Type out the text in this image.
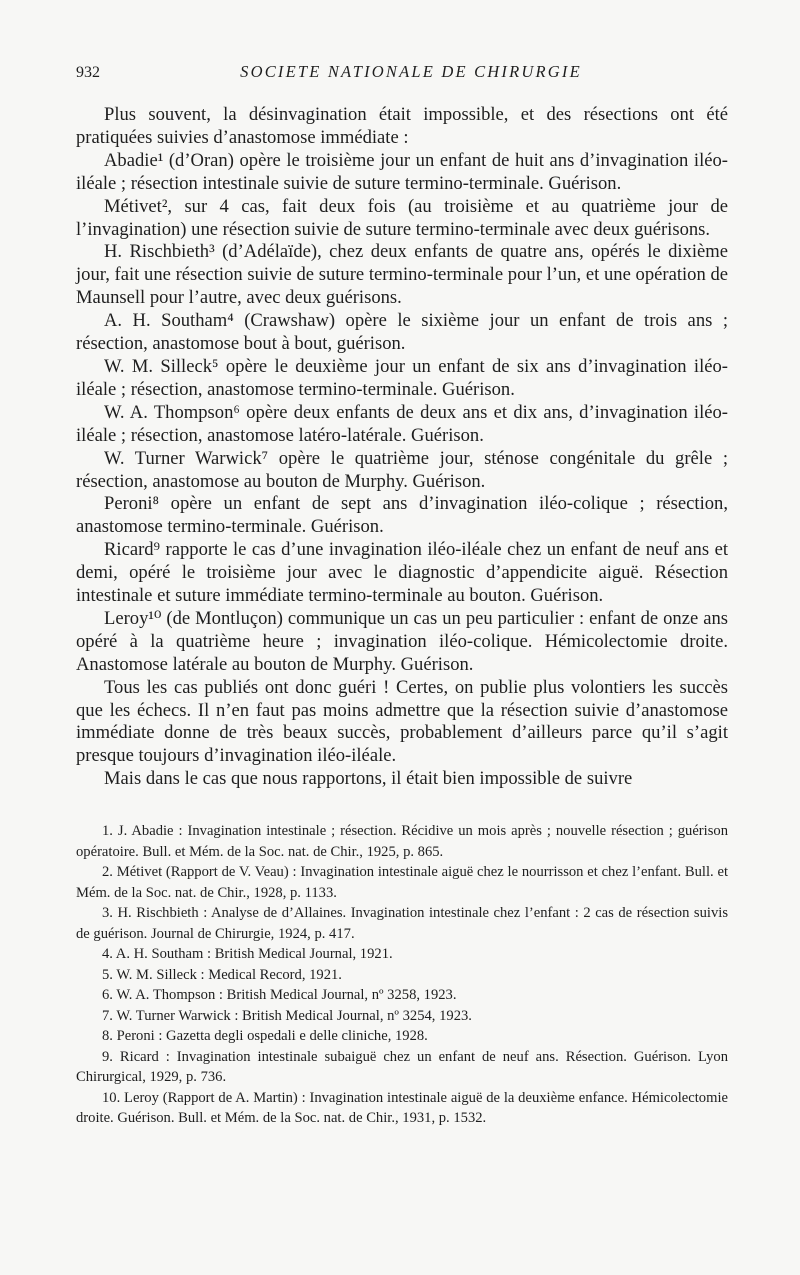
932	SOCIETE NATIONALE DE CHIRURGIE

Plus souvent, la désinvagination était impossible, et des résections ont été pratiquées suivies d’anastomose immédiate :

Abadie¹ (d’Oran) opère le troisième jour un enfant de huit ans d’invagination iléo-iléale ; résection intestinale suivie de suture termino-terminale. Guérison.

Métivet², sur 4 cas, fait deux fois (au troisième et au quatrième jour de l’invagination) une résection suivie de suture termino-terminale avec deux guérisons.

H. Rischbieth³ (d’Adélaïde), chez deux enfants de quatre ans, opérés le dixième jour, fait une résection suivie de suture termino-terminale pour l’un, et une opération de Maunsell pour l’autre, avec deux guérisons.

A. H. Southam⁴ (Crawshaw) opère le sixième jour un enfant de trois ans ; résection, anastomose bout à bout, guérison.

W. M. Silleck⁵ opère le deuxième jour un enfant de six ans d’invagination iléo-iléale ; résection, anastomose termino-terminale. Guérison.

W. A. Thompson⁶ opère deux enfants de deux ans et dix ans, d’invagination iléo-iléale ; résection, anastomose latéro-latérale. Guérison.

W. Turner Warwick⁷ opère le quatrième jour, sténose congénitale du grêle ; résection, anastomose au bouton de Murphy. Guérison.

Peroni⁸ opère un enfant de sept ans d’invagination iléo-colique ; résection, anastomose termino-terminale. Guérison.

Ricard⁹ rapporte le cas d’une invagination iléo-iléale chez un enfant de neuf ans et demi, opéré le troisième jour avec le diagnostic d’appendicite aiguë. Résection intestinale et suture immédiate termino-terminale au bouton. Guérison.

Leroy¹⁰ (de Montluçon) communique un cas un peu particulier : enfant de onze ans opéré à la quatrième heure ; invagination iléo-colique. Hémicolectomie droite. Anastomose latérale au bouton de Murphy. Guérison.

Tous les cas publiés ont donc guéri ! Certes, on publie plus volontiers les succès que les échecs. Il n’en faut pas moins admettre que la résection suivie d’anastomose immédiate donne de très beaux succès, probablement d’ailleurs parce qu’il s’agit presque toujours d’invagination iléo-iléale.

Mais dans le cas que nous rapportons, il était bien impossible de suivre

1. J. Abadie : Invagination intestinale ; résection. Récidive un mois après ; nouvelle résection ; guérison opératoire. Bull. et Mém. de la Soc. nat. de Chir., 1925, p. 865.

2. Métivet (Rapport de V. Veau) : Invagination intestinale aiguë chez le nourrisson et chez l’enfant. Bull. et Mém. de la Soc. nat. de Chir., 1928, p. 1133.

3. H. Rischbieth : Analyse de d’Allaines. Invagination intestinale chez l’enfant : 2 cas de résection suivis de guérison. Journal de Chirurgie, 1924, p. 417.

4. A. H. Southam : British Medical Journal, 1921.

5. W. M. Silleck : Medical Record, 1921.

6. W. A. Thompson : British Medical Journal, nº 3258, 1923.

7. W. Turner Warwick : British Medical Journal, nº 3254, 1923.

8. Peroni : Gazetta degli ospedali e delle cliniche, 1928.

9. Ricard : Invagination intestinale subaiguë chez un enfant de neuf ans. Résection. Guérison. Lyon Chirurgical, 1929, p. 736.

10. Leroy (Rapport de A. Martin) : Invagination intestinale aiguë de la deuxième enfance. Hémicolectomie droite. Guérison. Bull. et Mém. de la Soc. nat. de Chir., 1931, p. 1532.
